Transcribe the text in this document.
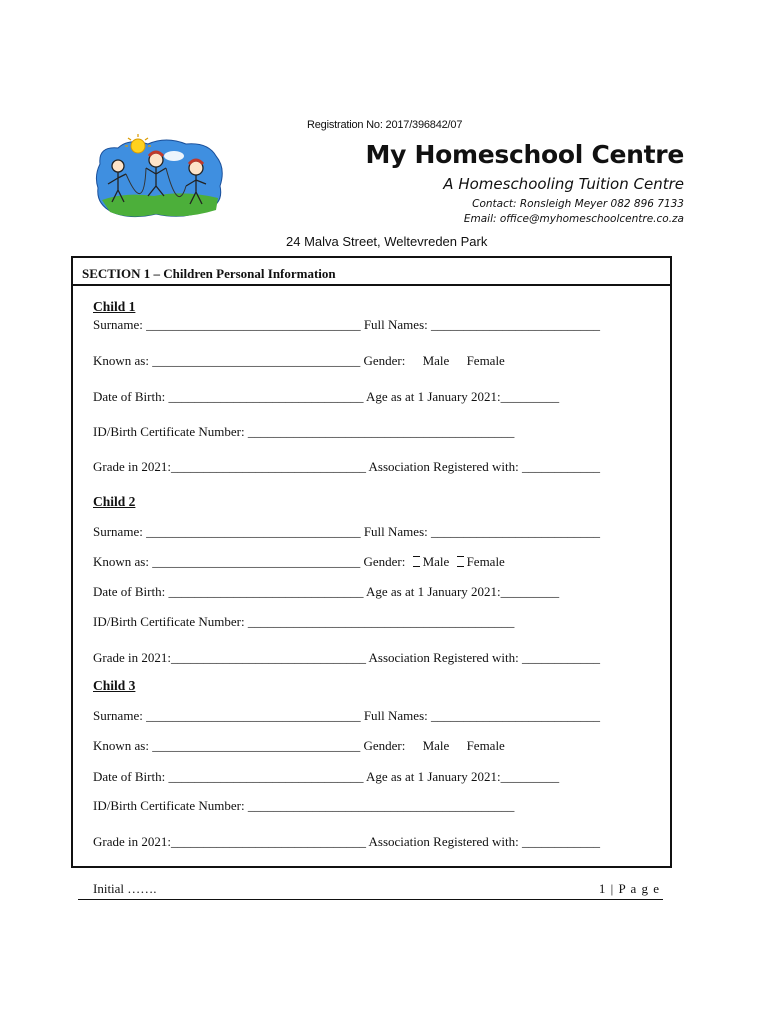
Registration No: 2017/396842/07
My Homeschool Centre
A Homeschooling Tuition Centre
Contact: Ronsleigh Meyer 082 896 7133
Email: office@myhomeschoolcentre.co.za
24 Malva Street, Weltevreden Park
SECTION 1 – Children Personal Information
Child 1
Surname: _________________________________ Full Names: __________________________
Known as: ________________________________ Gender: Male Female
Date of Birth: ______________________________ Age as at 1 January 2021:_________
ID/Birth Certificate Number: _________________________________________
Grade in 2021:______________________________ Association Registered with: ____________
Child 2
Surname: _________________________________ Full Names: __________________________
Known as: ________________________________ Gender: Male Female
Date of Birth: ______________________________ Age as at 1 January 2021:_________
ID/Birth Certificate Number: _________________________________________
Grade in 2021:______________________________ Association Registered with: ____________
Child 3
Surname: _________________________________ Full Names: __________________________
Known as: ________________________________ Gender: Male Female
Date of Birth: ______________________________ Age as at 1 January 2021:_________
ID/Birth Certificate Number: _________________________________________
Grade in 2021:______________________________ Association Registered with: ____________
Initial …….	1 | P a g e
